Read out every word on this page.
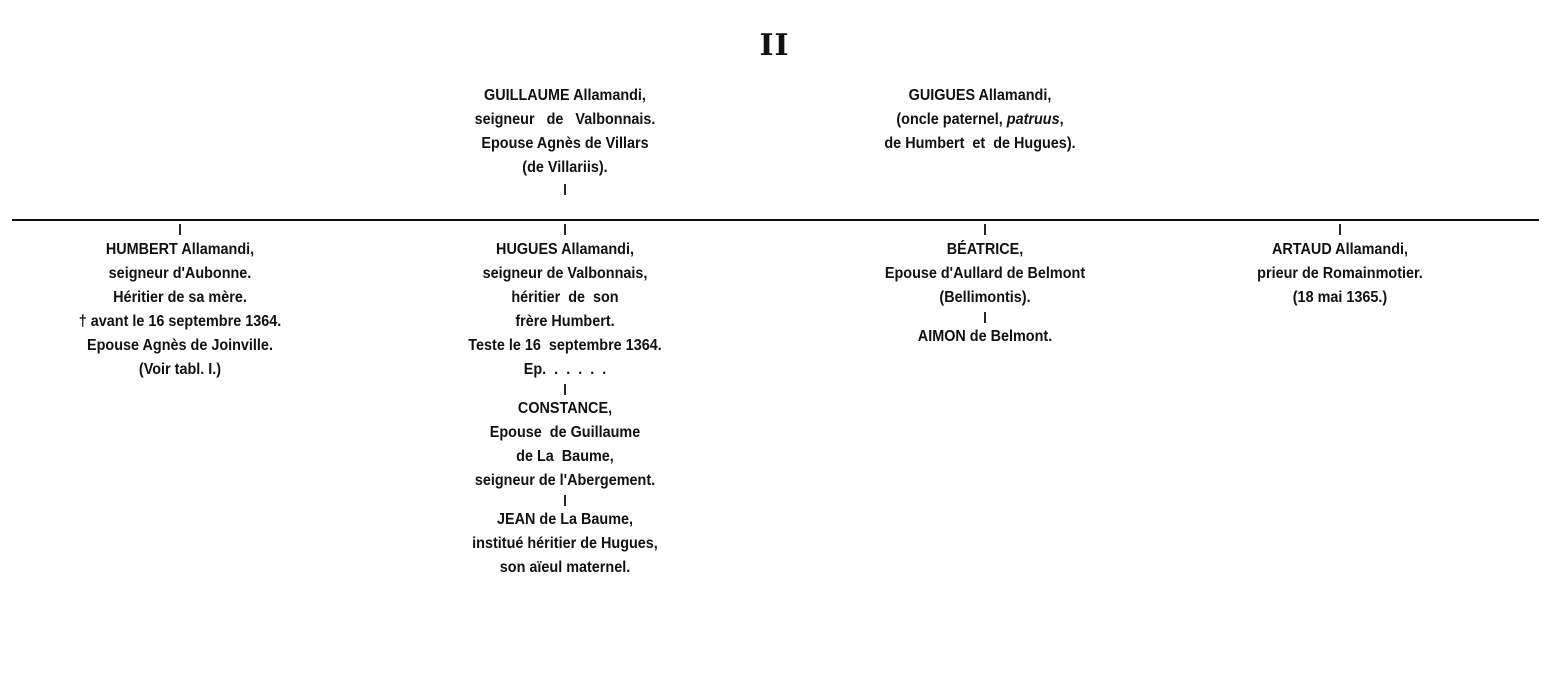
II
GUILLAUME Allamandi,
seigneur   de   Valbonnais.
Epouse Agnès de Villars
(de Villariis).
GUIGUES Allamandi,
(oncle paternel, patruus,
de Humbert  et  de Hugues).
HUMBERT Allamandi,
seigneur d'Aubonne.
Héritier de sa mère.
† avant le 16 septembre 1364.
Epouse Agnès de Joinville.
(Voir tabl. I.)
HUGUES Allamandi,
seigneur de Valbonnais,
héritier  de  son
frère Humbert.
Teste le 16  septembre 1364.
Ep.  .  .  .  .  .
CONSTANCE,
Epouse  de Guillaume
de La  Baume,
seigneur de l'Abergement.
JEAN de La Baume,
institué héritier de Hugues,
son aïeul maternel.
BÉATRICE,
Epouse d'Aullard de Belmont
(Bellimontis).
AIMON de Belmont.
ARTAUD Allamandi,
prieur de Romainmotier.
(18 mai 1365.)
